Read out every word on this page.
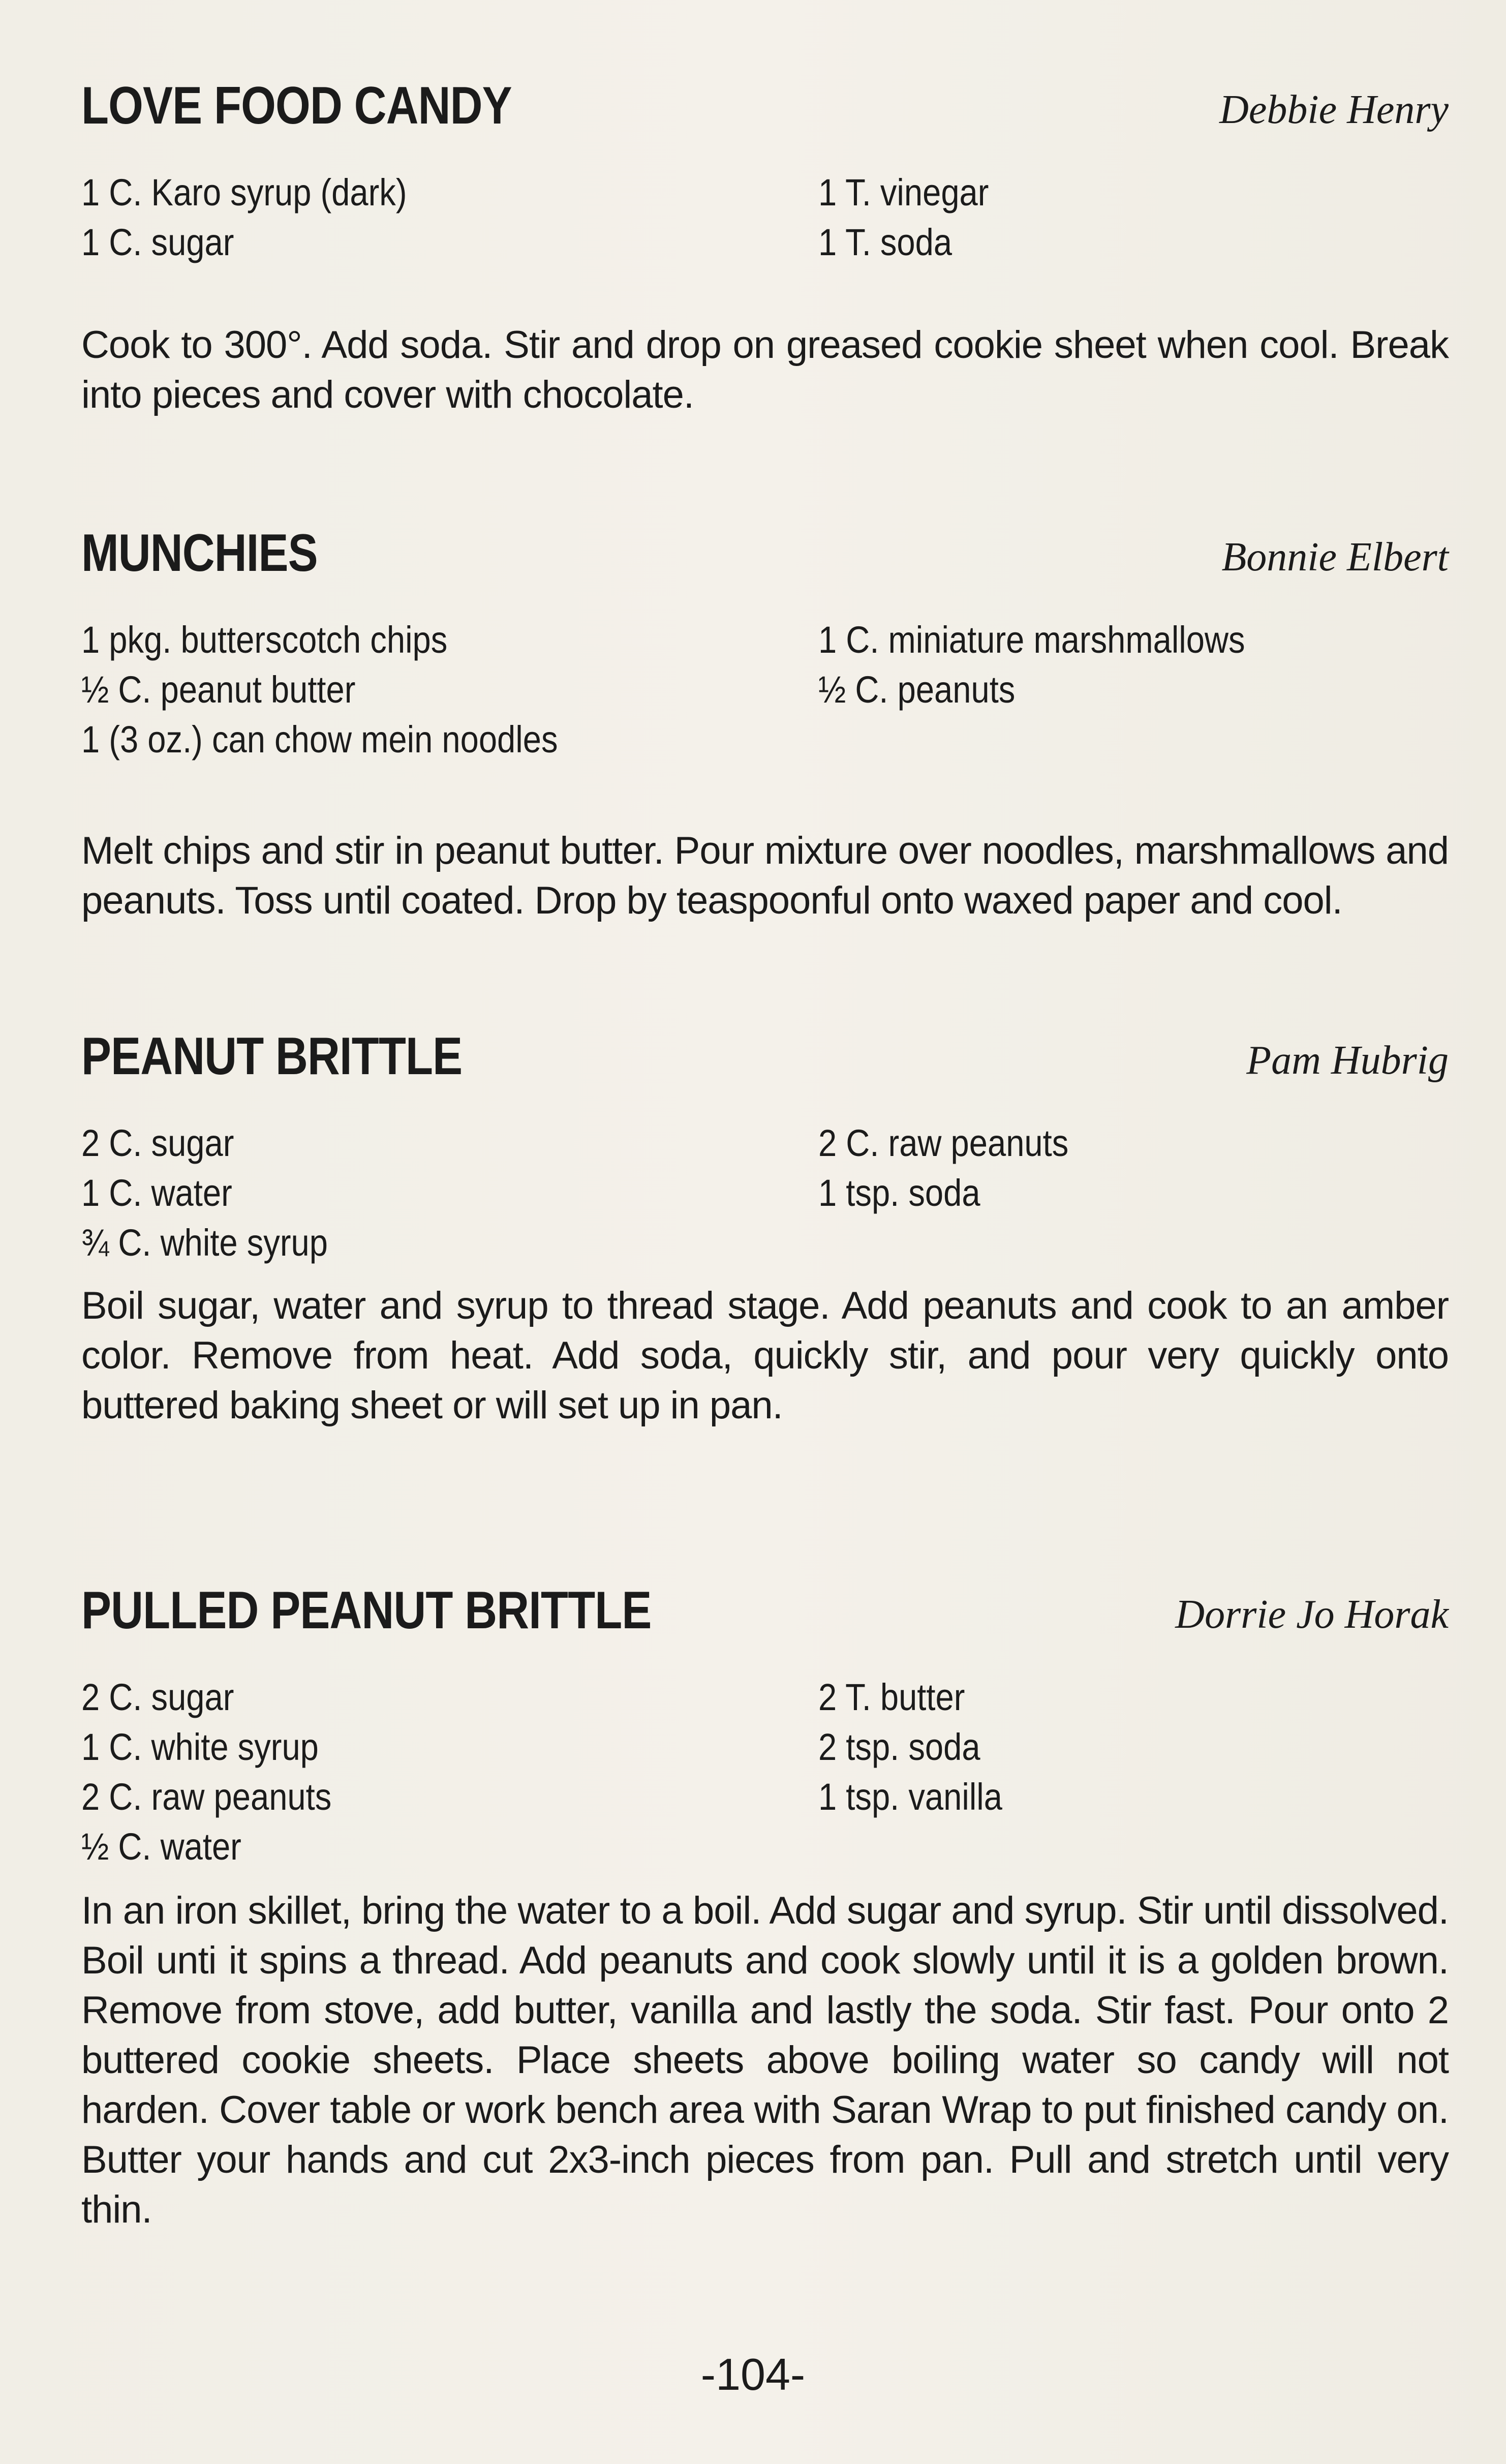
LOVE FOOD CANDY	Debbie Henry
1 C. Karo syrup (dark)
1 C. sugar
1 T. vinegar
1 T. soda
Cook to 300°. Add soda. Stir and drop on greased cookie sheet when cool. Break into pieces and cover with chocolate.
MUNCHIES	Bonnie Elbert
1 pkg. butterscotch chips
½ C. peanut butter
1 (3 oz.) can chow mein noodles
1 C. miniature marshmallows
½ C. peanuts
Melt chips and stir in peanut butter. Pour mixture over noodles, marshmallows and peanuts. Toss until coated. Drop by teaspoonful onto waxed paper and cool.
PEANUT BRITTLE	Pam Hubrig
2 C. sugar
1 C. water
¾ C. white syrup
2 C. raw peanuts
1 tsp. soda
Boil sugar, water and syrup to thread stage. Add peanuts and cook to an amber color. Remove from heat. Add soda, quickly stir, and pour very quickly onto buttered baking sheet or will set up in pan.
PULLED PEANUT BRITTLE	Dorrie Jo Horak
2 C. sugar
1 C. white syrup
2 C. raw peanuts
½ C. water
2 T. butter
2 tsp. soda
1 tsp. vanilla
In an iron skillet, bring the water to a boil. Add sugar and syrup. Stir until dissolved. Boil unti it spins a thread. Add peanuts and cook slowly until it is a golden brown. Remove from stove, add butter, vanilla and lastly the soda. Stir fast. Pour onto 2 buttered cookie sheets. Place sheets above boiling water so candy will not harden. Cover table or work bench area with Saran Wrap to put finished candy on. Butter your hands and cut 2x3-inch pieces from pan. Pull and stretch until very thin.
-104-
